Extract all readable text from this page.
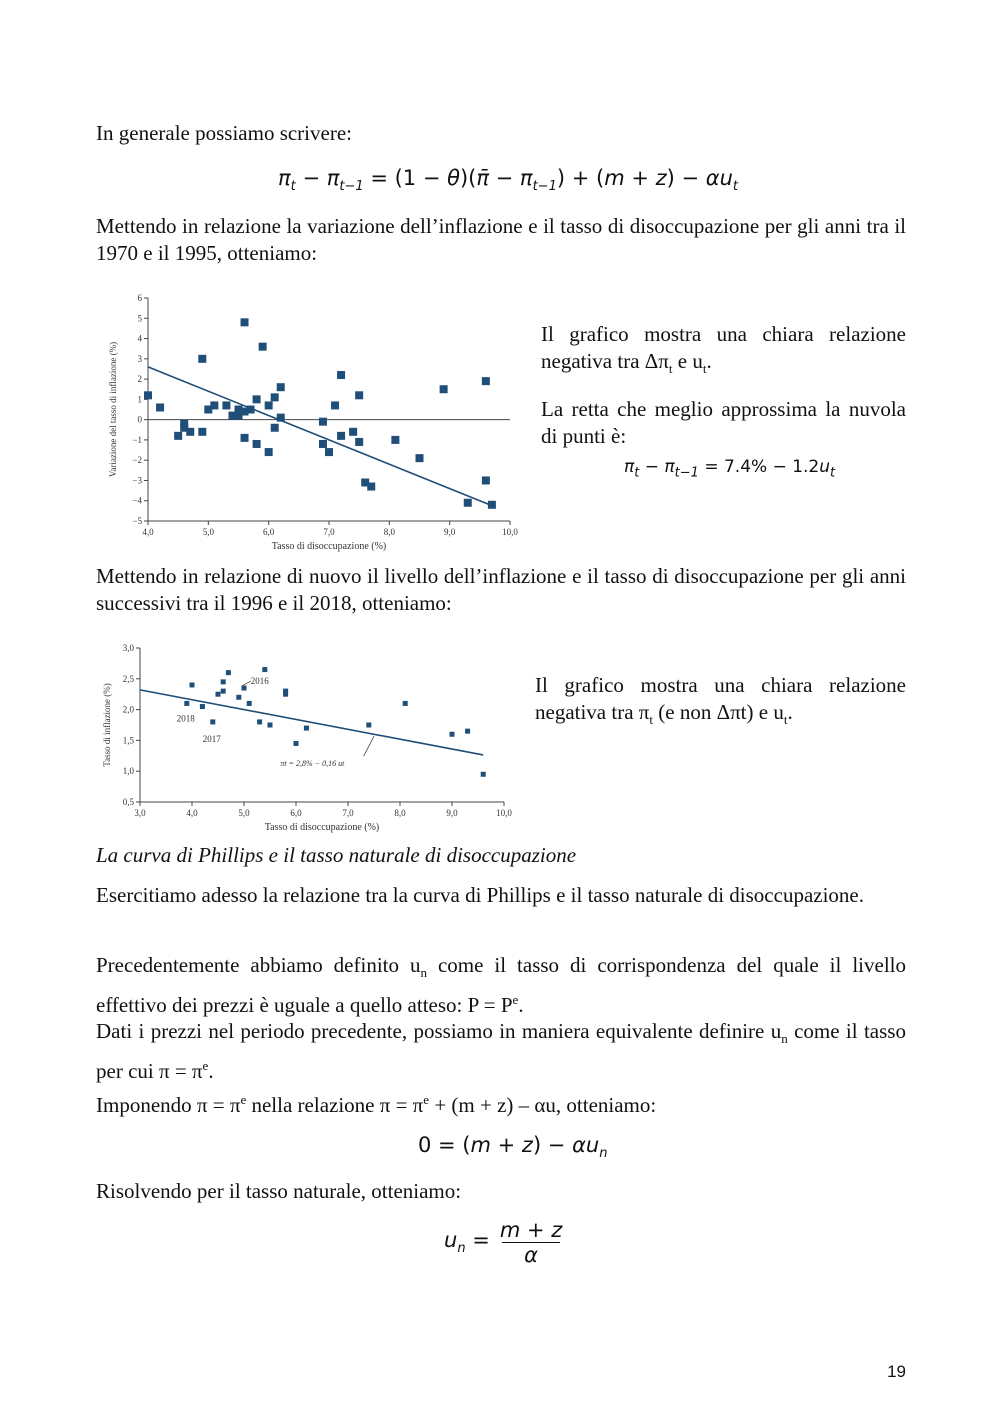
In generale possiamo scrivere:
$\pi_t - \pi_{t-1} = (1$ − θ)(π̄ − $\pi_{t-1}) + (m + z) - \alpha u_t$
Mettendo in relazione la variazione dell’inflazione e il tasso di disoccupazione per gli anni tra il 1970 e il 1995, otteniamo:
4,0	5,0	6,0	7,0	8,0	9,0	10,0
6
5
4
3
2
1
0
−1
−2
−3
−4
−5
Tasso di disoccupazione (%)
Variazione del tasso di inflazione (%)
Il grafico mostra una chiara relazione negativa tra $\Delta\pi_t$ e $u_t$.
La retta che meglio approssima la nuvola di punti è:
$\pi_t - \pi_{t-1} = 7.4\% - 1.2u_t$
Mettendo in relazione di nuovo il livello dell’inflazione e il tasso di disoccupazione per gli anni successivi tra il 1996 e il 2018, otteniamo:
3,0	4,0	5,0	6,0	7,0	8,0	9,0	10,0
3,0
2,5
2,0
1,5
1,0
0,5
Tasso di disoccupazione (%)
Tasso di inflazione (%)
2016
2018
2017
πt = 2,8% − 0,16 ut
Il grafico mostra una chiara relazione negativa tra $\pi_t$ (e non Δπt) e $u_t$.
La curva di Phillips e il tasso naturale di disoccupazione
Esercitiamo adesso la relazione tra la curva di Phillips e il tasso naturale di disoccupazione.
Precedentemente abbiamo definito $u_n$ come il tasso di corrispondenza del quale il livello effettivo dei prezzi è uguale a quello atteso: $P = P^e$.
Dati i prezzi nel periodo precedente, possiamo in maniera equivalente definire $u_n$ come il tasso per cui $\pi = \pi^e$.
Imponendo $\pi = \pi^e$ nella relazione $\pi = \pi^e + (m + z) - \alpha u$, otteniamo:
$0 = (m + z) - \alpha u_n$
Risolvendo per il tasso naturale, otteniamo:
$u_n = m + z$
α
19
